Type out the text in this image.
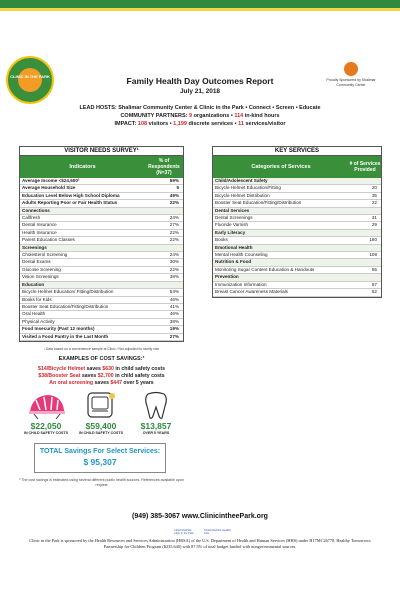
CLINIC IN THE PARK
Proudly Sponsored by Shalimar Community Center
Family Health Day Outcomes Report
July 21, 2018
LEAD HOSTS: Shalimar Community Center & Clinic in the Park • Connect • Screen • Educate
COMMUNITY PARTNERS: 9 organizations • 114 in-kind hours
IMPACT: 108 visitors • 1,199 discrete services • 11 services/visitor
VISITOR NEEDS SURVEY¹
Indicators
% of Respondents (N=37)
Average Income <$24,600²	59%
Average Household Size	5
Education Level Below High School Diploma	49%
Adults Reporting Poor or Fair Health Status	22%
Connections
Callfresh	24%
Dental Insurance	27%
Health Insurance	22%
Parent Education Classes	22%
Screenings
Cholesterol Screening	24%
Dental Exams	30%
Glucose Screening	22%
Vision Screenings	38%
Education
Bicycle Helmet Education/ Fitting/Distribution	54%
Books for Kids	46%
Booster Seat Education/Fitting/Distribution	41%
Oral Health	46%
Physical Activity	38%
Food Insecurity (Past 12 months)	19%
Visited a Food Pantry in the Last Month	27%
¹ Data based on a convenience sample at Clinic / Not adjusted for family size
KEY SERVICES
Categories of Services	# of Services Provided
Child/Adolescent Safety
Bicycle Helmet Education/Fitting	20
Bicycle Helmet Distribution	35
Booster Seat Education/Fitting/Distribution	22
Dental Services
Dental Screenings	31
Fluoride Varnish	29
Early Literacy
Books	180
Emotional Health
Mental Health Counseling	108
Nutrition & Food
Monitoring Sugar Content Education & Handouts	55
Prevention
Immunization Information	57
Breast Cancer Awareness Materials	62
EXAMPLES OF COST SAVINGS:³
$14/Bicycle Helmet saves $630 in child safety costs
$38/Booster Seat saves $2,700 in child safety costs
An oral screening saves $447 over 5 years
$22,050	$59,400	$13,857
IN CHILD SAFETY COSTS	IN CHILD SAFETY COSTS	OVER 5 YEARS
TOTAL Savings For Select Services:
$ 95,307
³ The cost savings is estimated using several different public health sources. References available upon request
(949) 385-3067 www.ClinicintheePark.org
ClinicInthePark Clinic in the Park
ClinicInthePark Healthy Kids
Clinic in the Park is sponsored by the Health Resources and Services Administration (HRSA) of the U.S. Department of Health and Human Services (HHS) under H17MC26778, Healthy Tomorrows Partnership for Children Program ($235,640) with 87.5% of total budget funded with nongovernmental sources.
